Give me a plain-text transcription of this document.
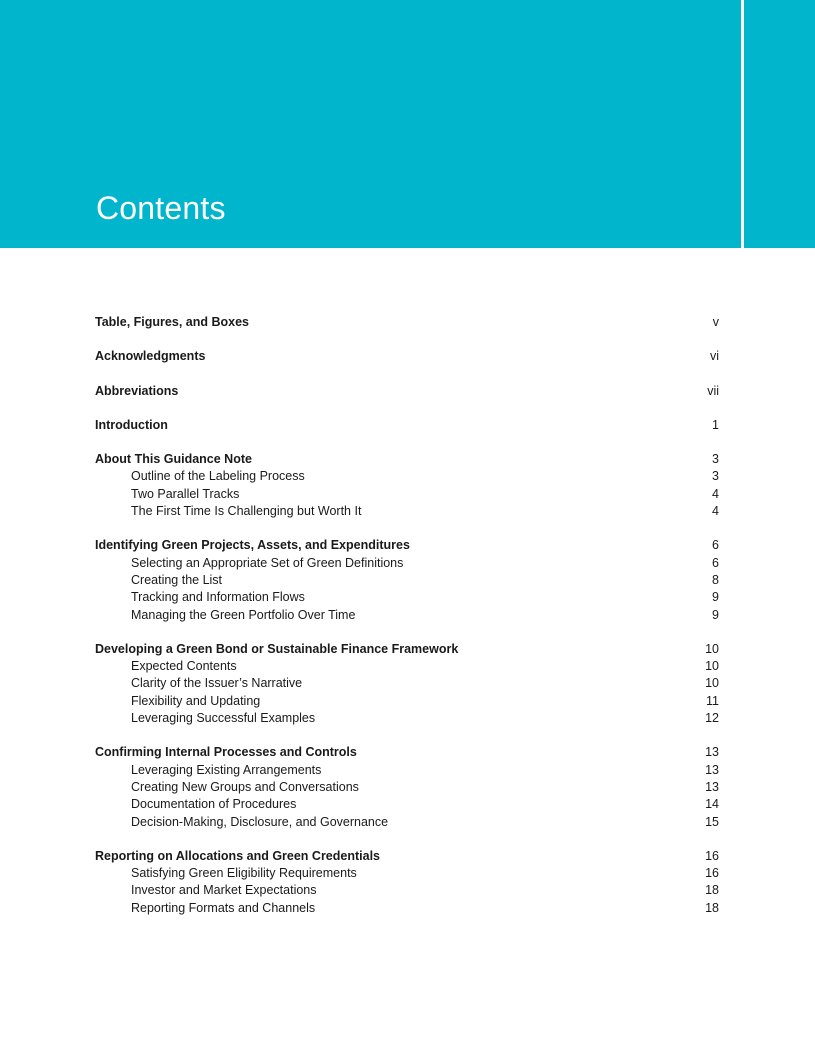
Contents
Table, Figures, and Boxes	v
Acknowledgments	vi
Abbreviations	vii
Introduction	1
About This Guidance Note	3
Outline of the Labeling Process	3
Two Parallel Tracks	4
The First Time Is Challenging but Worth It	4
Identifying Green Projects, Assets, and Expenditures	6
Selecting an Appropriate Set of Green Definitions	6
Creating the List	8
Tracking and Information Flows	9
Managing the Green Portfolio Over Time	9
Developing a Green Bond or Sustainable Finance Framework	10
Expected Contents	10
Clarity of the Issuer’s Narrative	10
Flexibility and Updating	11
Leveraging Successful Examples	12
Confirming Internal Processes and Controls	13
Leveraging Existing Arrangements	13
Creating New Groups and Conversations	13
Documentation of Procedures	14
Decision-Making, Disclosure, and Governance	15
Reporting on Allocations and Green Credentials	16
Satisfying Green Eligibility Requirements	16
Investor and Market Expectations	18
Reporting Formats and Channels	18
